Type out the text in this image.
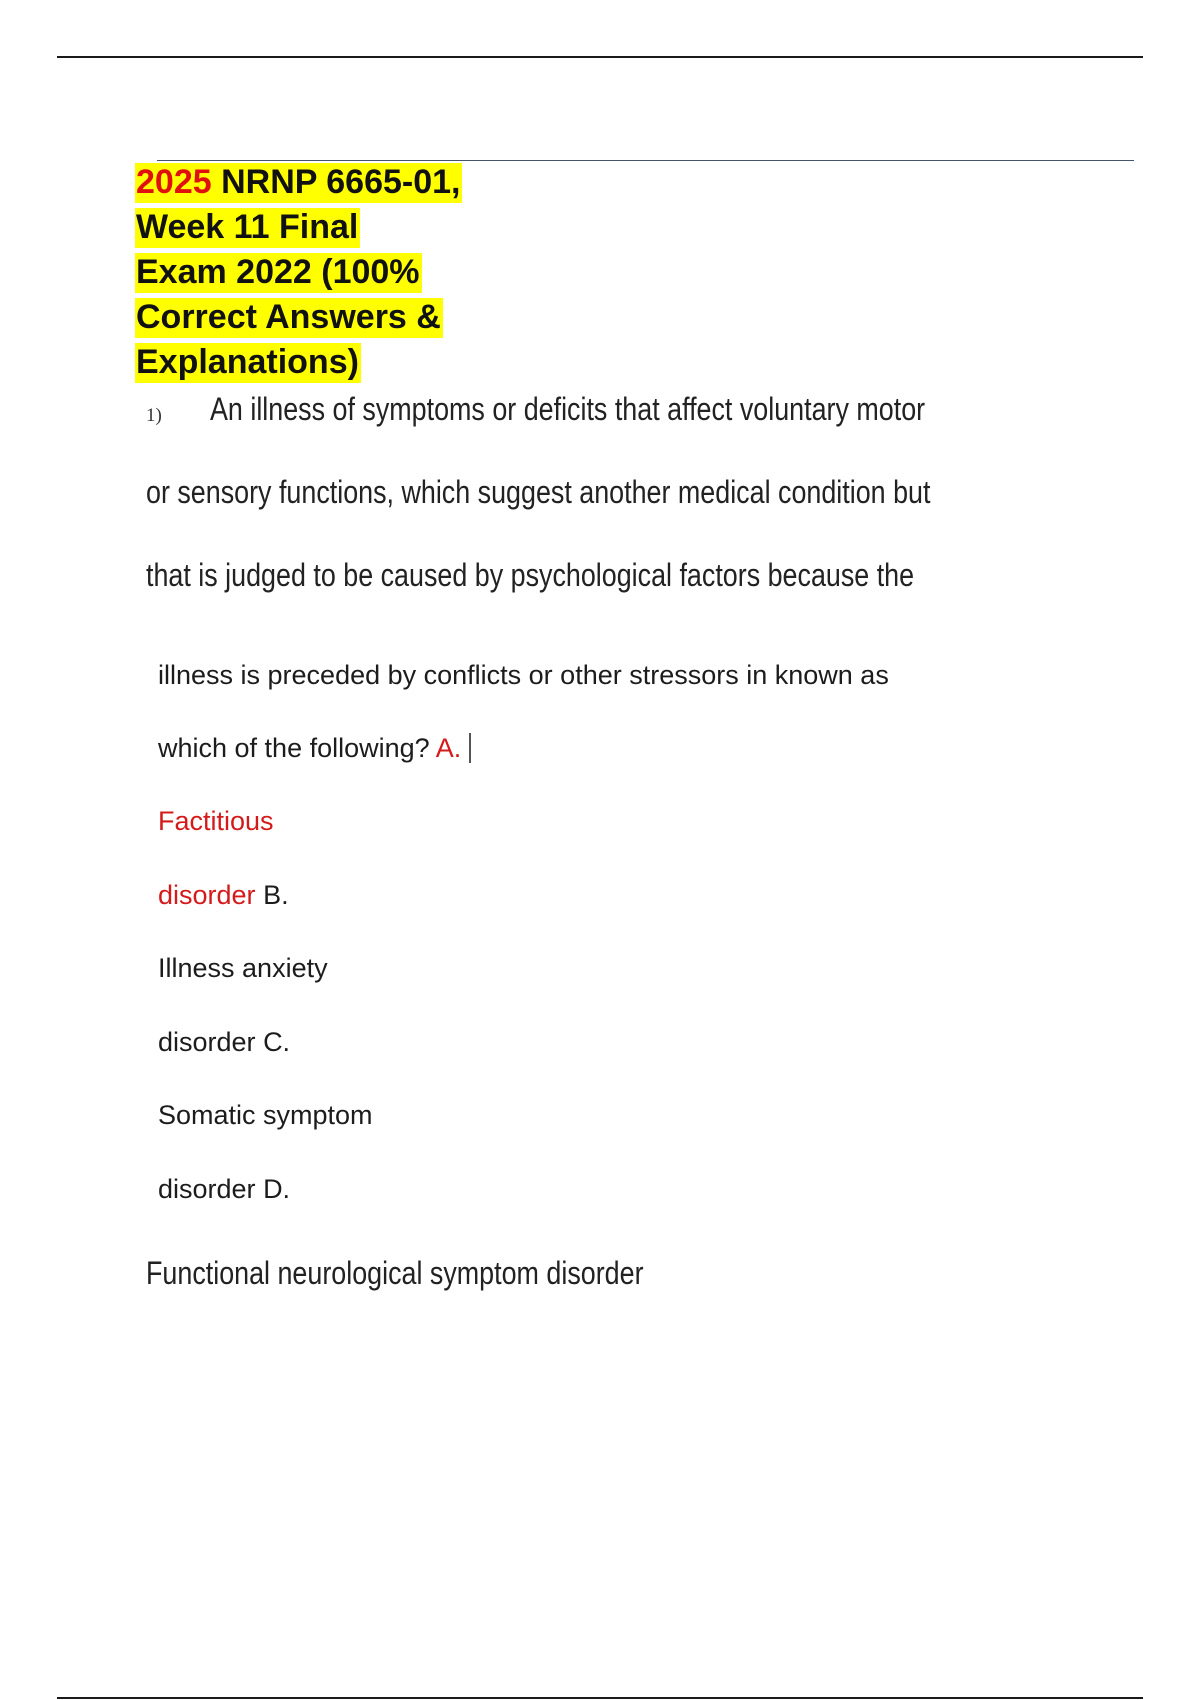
2025 NRNP 6665-01,
Week 11 Final
Exam 2022 (100%
Correct Answers &
Explanations)
1) An illness of symptoms or deficits that affect voluntary motor
or sensory functions, which suggest another medical condition but
that is judged to be caused by psychological factors because the
illness is preceded by conflicts or other stressors in known as
which of the following? A.
Factitious
disorder B.
Illness anxiety
disorder C.
Somatic symptom
disorder D.
Functional neurological symptom disorder
